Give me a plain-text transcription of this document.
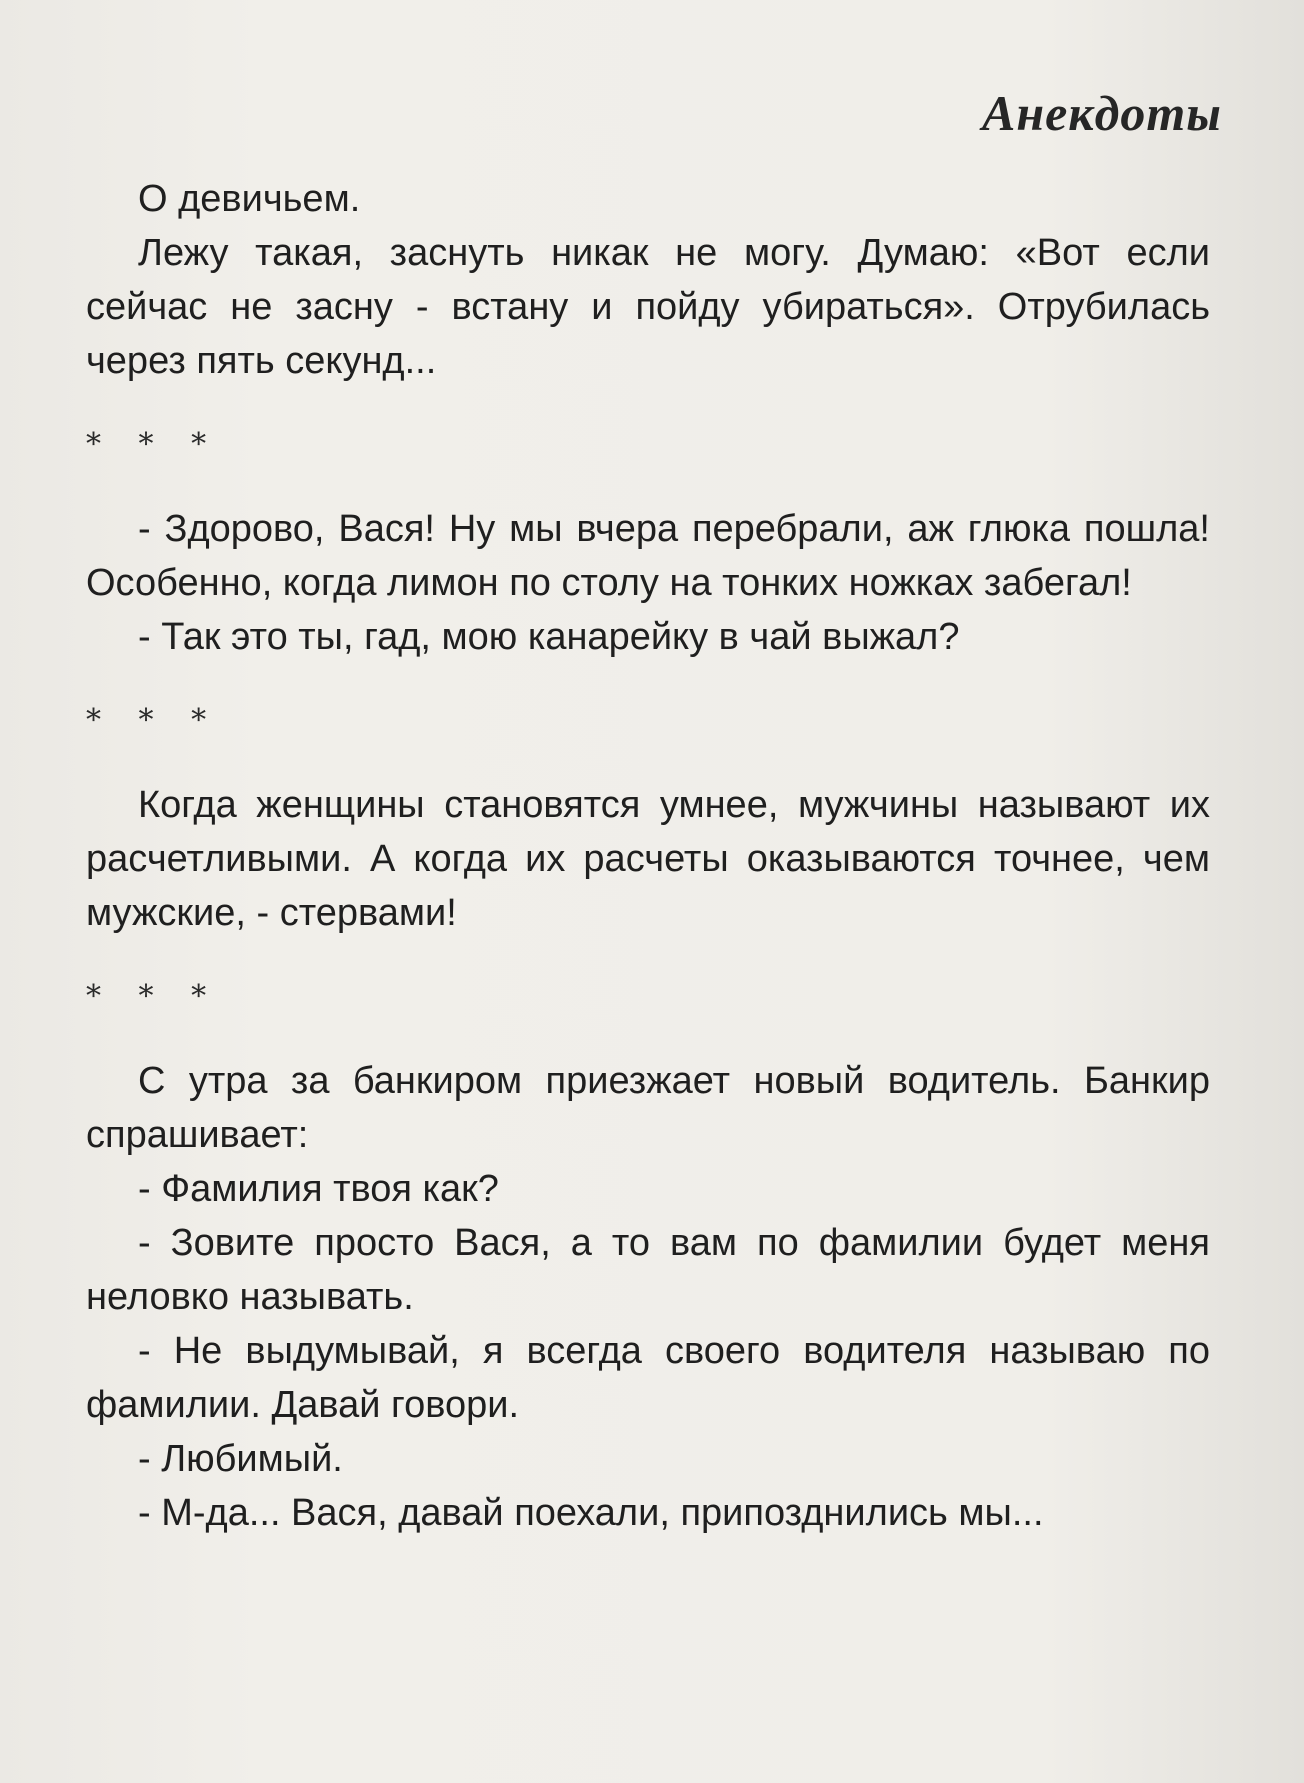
Анекдоты

О девичьем.

Лежу такая, заснуть никак не могу. Думаю: «Вот если сейчас не засну - встану и пойду убираться». Отрубилась через пять секунд...

* * *

- Здорово, Вася! Ну мы вчера перебрали, аж глюка пошла! Особенно, когда лимон по столу на тонких ножках забегал!

- Так это ты, гад, мою канарейку в чай выжал?

* * *

Когда женщины становятся умнее, мужчины называют их расчетливыми. А когда их расчеты оказываются точнее, чем мужские, - стервами!

* * *

С утра за банкиром приезжает новый водитель. Банкир спрашивает:

- Фамилия твоя как?

- Зовите просто Вася, а то вам по фамилии будет меня неловко называть.

- Не выдумывай, я всегда своего водителя называю по фамилии. Давай говори.

- Любимый.

- М-да... Вася, давай поехали, припозднились мы...
